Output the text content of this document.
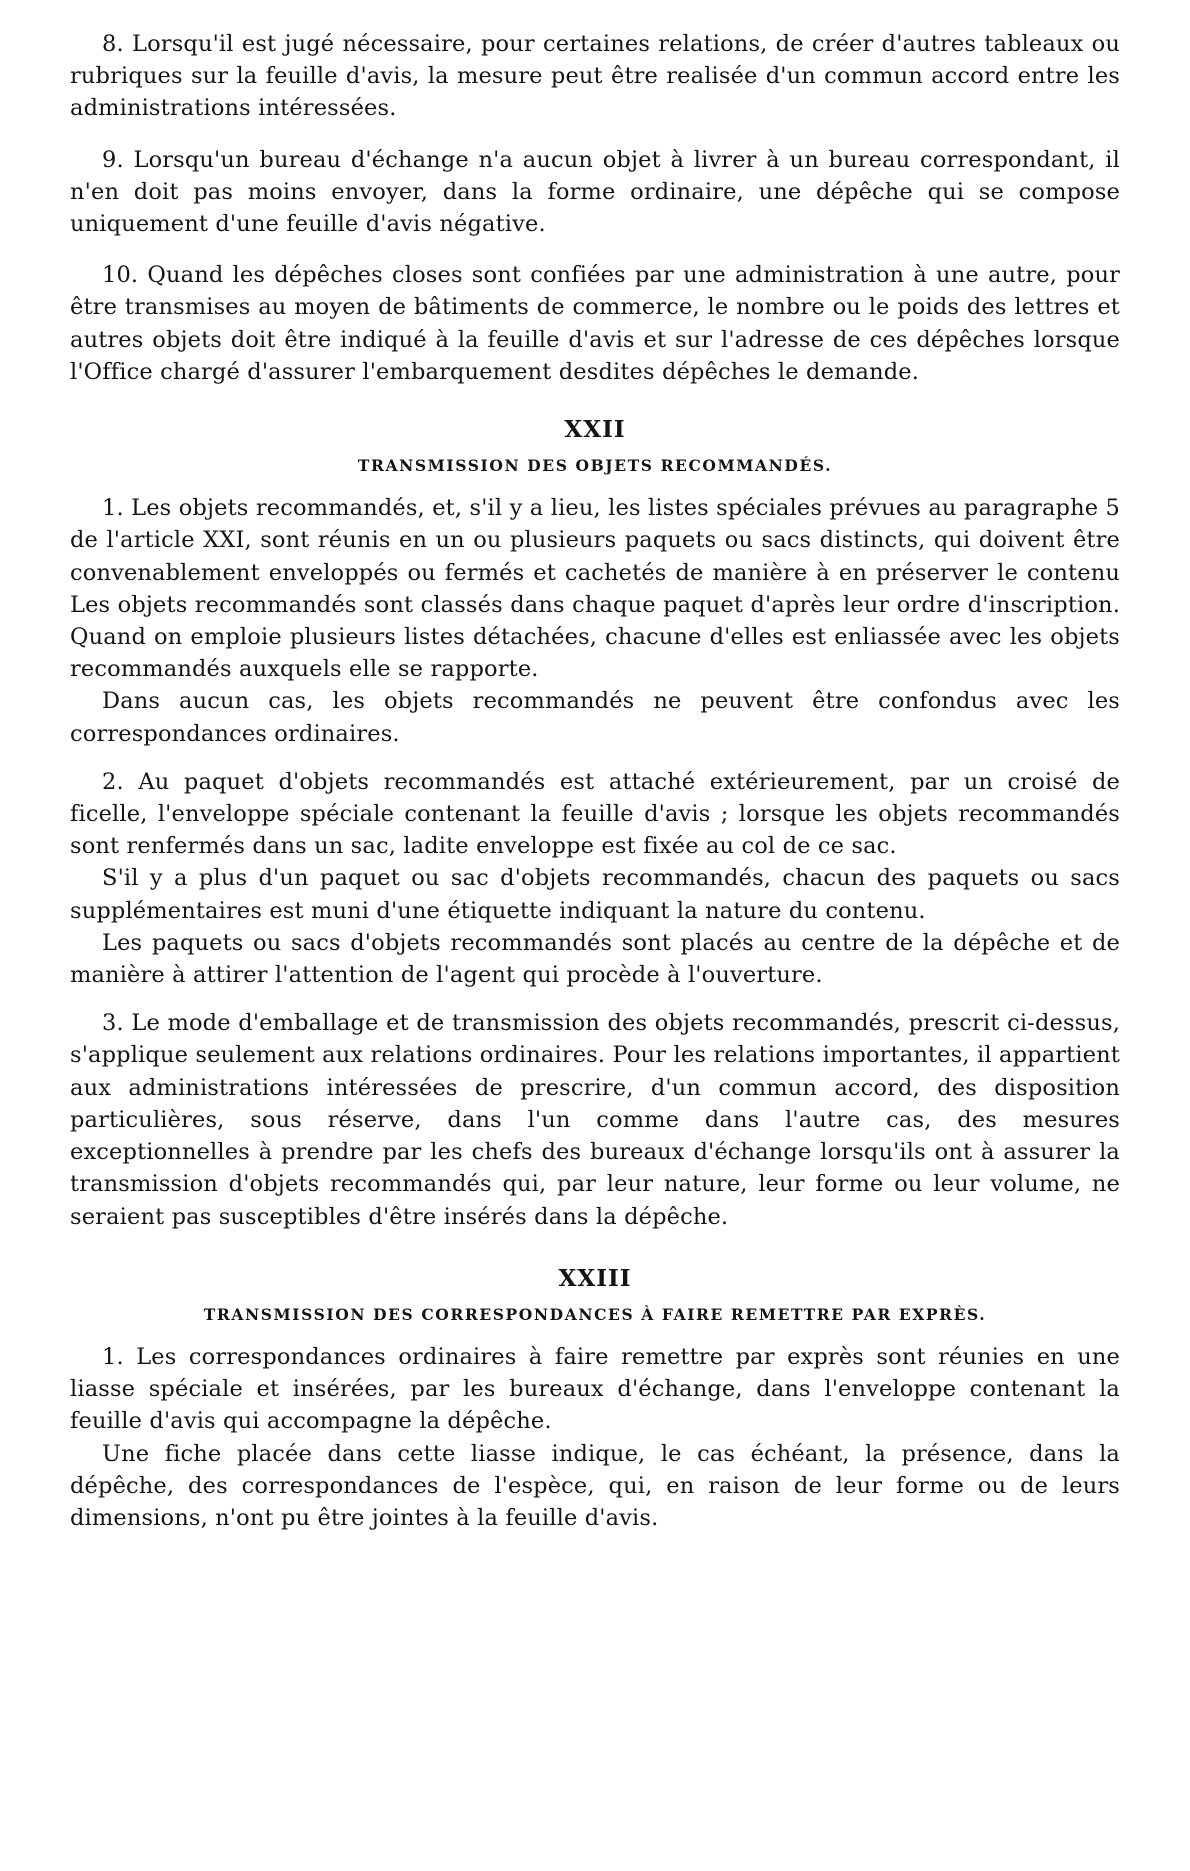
8. Lorsqu'il est jugé nécessaire, pour certaines relations, de créer d'autres tableaux ou rubriques sur la feuille d'avis, la mesure peut être realisée d'un commun accord entre les administrations intéressées.

9. Lorsqu'un bureau d'échange n'a aucun objet à livrer à un bureau correspondant, il n'en doit pas moins envoyer, dans la forme ordinaire, une dépêche qui se compose uniquement d'une feuille d'avis négative.

10. Quand les dépêches closes sont confiées par une administration à une autre, pour être transmises au moyen de bâtiments de commerce, le nombre ou le poids des lettres et autres objets doit être indiqué à la feuille d'avis et sur l'adresse de ces dépêches lorsque l'Office chargé d'assurer l'embarquement desdites dépêches le demande.

XXII
TRANSMISSION DES OBJETS RECOMMANDÉS.

1. Les objets recommandés, et, s'il y a lieu, les listes spéciales prévues au paragraphe 5 de l'article XXI, sont réunis en un ou plusieurs paquets ou sacs distincts, qui doivent être convenablement enveloppés ou fermés et cachetés de manière à en préserver le contenu Les objets recommandés sont classés dans chaque paquet d'après leur ordre d'inscription. Quand on emploie plusieurs listes détachées, chacune d'elles est enliassée avec les objets recommandés auxquels elle se rapporte.

Dans aucun cas, les objets recommandés ne peuvent être confondus avec les correspondances ordinaires.

2. Au paquet d'objets recommandés est attaché extérieurement, par un croisé de ficelle, l'enveloppe spéciale contenant la feuille d'avis ; lorsque les objets recommandés sont renfermés dans un sac, ladite enveloppe est fixée au col de ce sac.

S'il y a plus d'un paquet ou sac d'objets recommandés, chacun des paquets ou sacs supplémentaires est muni d'une étiquette indiquant la nature du contenu.

Les paquets ou sacs d'objets recommandés sont placés au centre de la dépêche et de manière à attirer l'attention de l'agent qui procède à l'ouverture.

3. Le mode d'emballage et de transmission des objets recommandés, prescrit ci-dessus, s'applique seulement aux relations ordinaires. Pour les relations importantes, il appartient aux administrations intéressées de prescrire, d'un commun accord, des disposition particulières, sous réserve, dans l'un comme dans l'autre cas, des mesures exceptionnelles à prendre par les chefs des bureaux d'échange lorsqu'ils ont à assurer la transmission d'objets recommandés qui, par leur nature, leur forme ou leur volume, ne seraient pas susceptibles d'être insérés dans la dépêche.

XXIII
TRANSMISSION DES CORRESPONDANCES À FAIRE REMETTRE PAR EXPRÈS.

1. Les correspondances ordinaires à faire remettre par exprès sont réunies en une liasse spéciale et insérées, par les bureaux d'échange, dans l'enveloppe contenant la feuille d'avis qui accompagne la dépêche.

Une fiche placée dans cette liasse indique, le cas échéant, la présence, dans la dépêche, des correspondances de l'espèce, qui, en raison de leur forme ou de leurs dimensions, n'ont pu être jointes à la feuille d'avis.
